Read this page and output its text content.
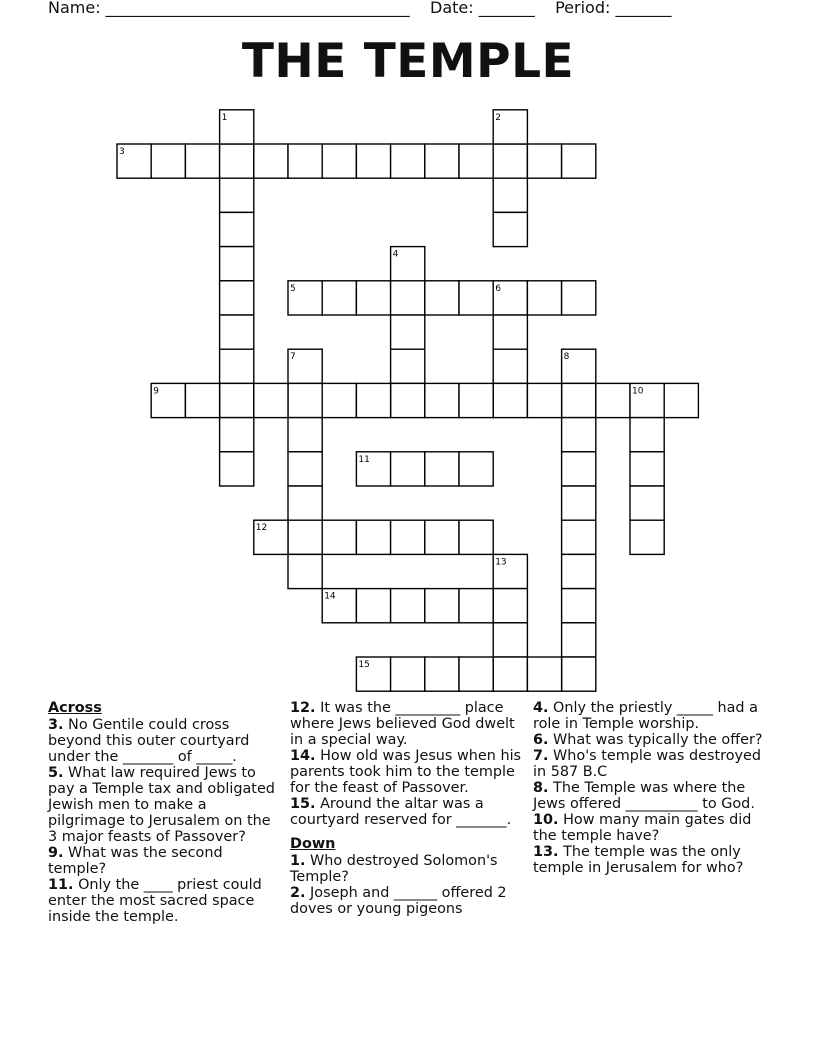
Name: ______________________________________    Date: _______    Period: _______
THE TEMPLE
3
1	2
5
4
6
7	8
9	10
11
12
13
14
15
Across
3. No Gentile could cross beyond this outer courtyard under the _______ of _____.
5. What law required Jews to pay a Temple tax and obligated Jewish men to make a pilgrimage to Jerusalem on the 3 major feasts of Passover?
9. What was the second temple?
11. Only the ____ priest could enter the most sacred space inside the temple.
12. It was the _________ place where Jews believed God dwelt in a special way.
14. How old was Jesus when his parents took him to the temple for the feast of Passover.
15. Around the altar was a courtyard reserved for _______.
Down
1. Who destroyed Solomon's Temple?
2. Joseph and ______ offered 2 doves or young pigeons
4. Only the priestly _____ had a role in Temple worship.
6. What was typically the offer?
7. Who's temple was destroyed in 587 B.C
8. The Temple was where the Jews offered __________ to God.
10. How many main gates did the temple have?
13. The temple was the only temple in Jerusalem for who?
